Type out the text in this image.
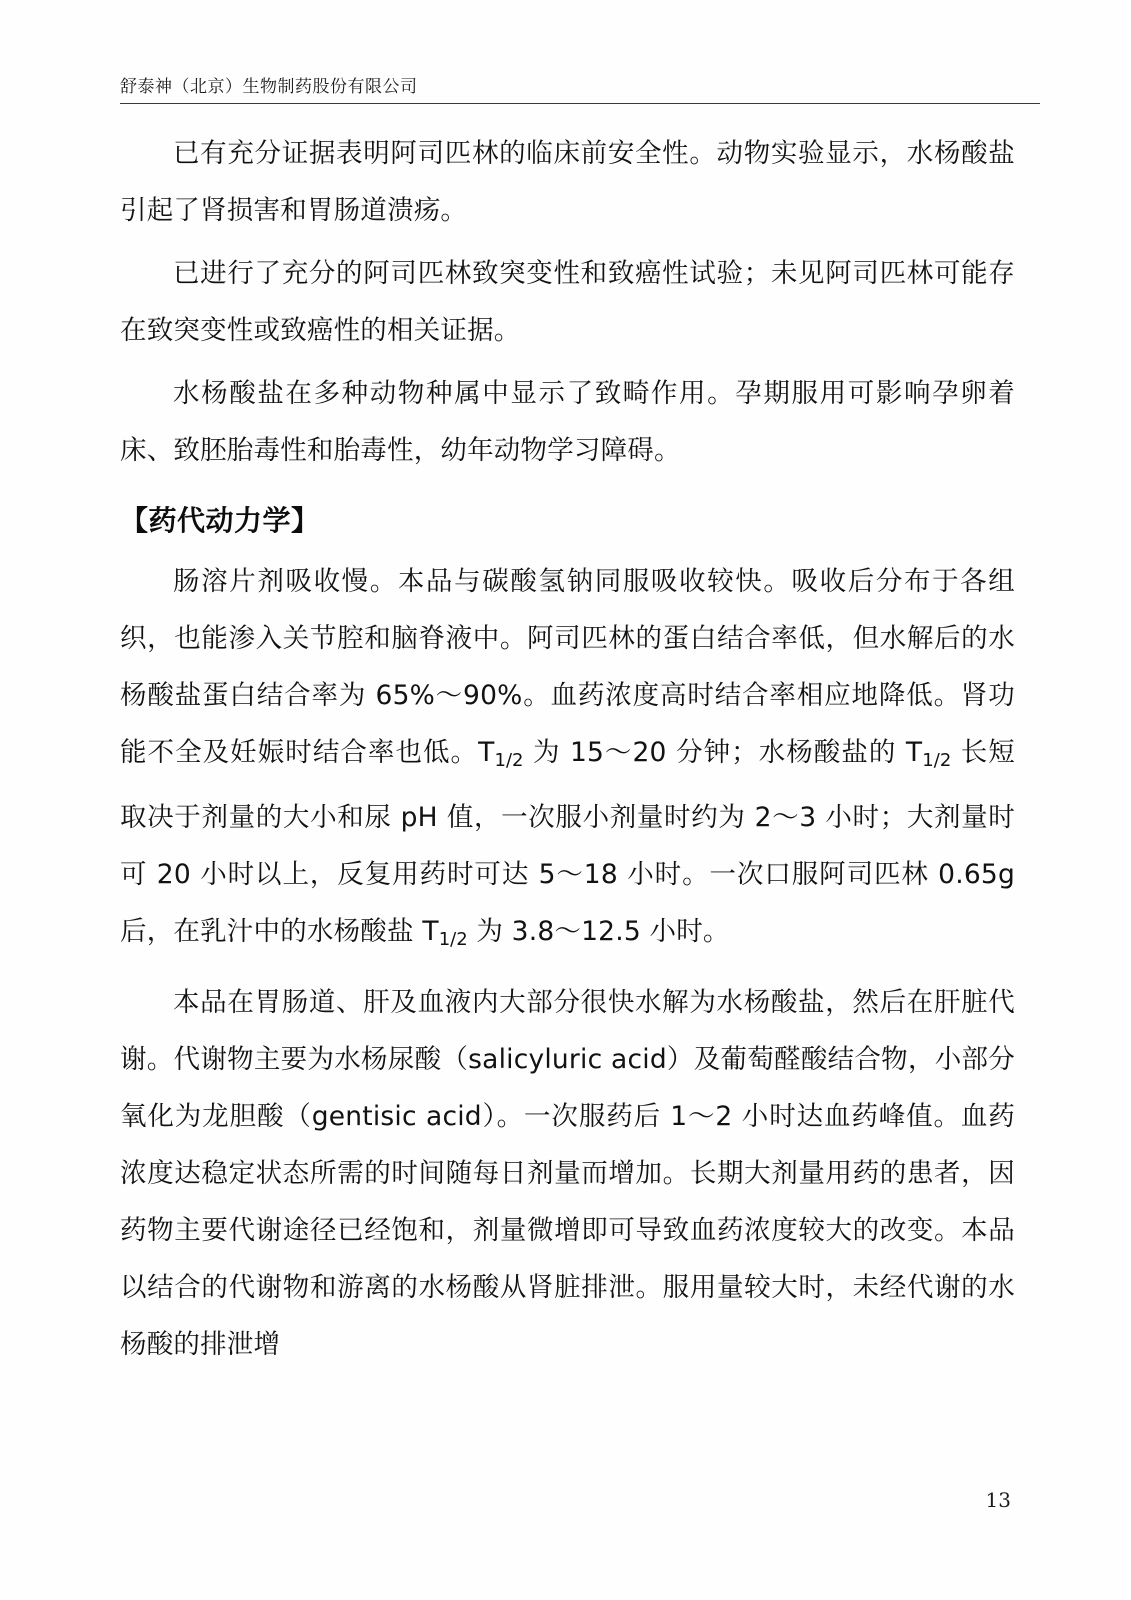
舒泰神（北京）生物制药股份有限公司

已有充分证据表明阿司匹林的临床前安全性。动物实验显示，水杨酸盐引起了肾损害和胃肠道溃疡。

已进行了充分的阿司匹林致突变性和致癌性试验；未见阿司匹林可能存在致突变性或致癌性的相关证据。

水杨酸盐在多种动物种属中显示了致畸作用。孕期服用可影响孕卵着床、致胚胎毒性和胎毒性，幼年动物学习障碍。

【药代动力学】

肠溶片剂吸收慢。本品与碳酸氢钠同服吸收较快。吸收后分布于各组织，也能渗入关节腔和脑脊液中。阿司匹林的蛋白结合率低，但水解后的水杨酸盐蛋白结合率为 65%～90%。血药浓度高时结合率相应地降低。肾功能不全及妊娠时结合率也低。$T_{1/2}$ 为 15～20 分钟；水杨酸盐的 $T_{1/2}$ 长短取决于剂量的大小和尿 pH 值，一次服小剂量时约为 2～3 小时；大剂量时可 20 小时以上，反复用药时可达 5～18 小时。一次口服阿司匹林 0.65g 后，在乳汁中的水杨酸盐 $T_{1/2}$ 为 3.8～12.5 小时。

本品在胃肠道、肝及血液内大部分很快水解为水杨酸盐，然后在肝脏代谢。代谢物主要为水杨尿酸（salicyluric acid）及葡萄醛酸结合物，小部分氧化为龙胆酸（gentisic acid）。一次服药后 1～2 小时达血药峰值。血药浓度达稳定状态所需的时间随每日剂量而增加。长期大剂量用药的患者，因药物主要代谢途径已经饱和，剂量微增即可导致血药浓度较大的改变。本品以结合的代谢物和游离的水杨酸从肾脏排泄。服用量较大时，未经代谢的水杨酸的排泄增

13
